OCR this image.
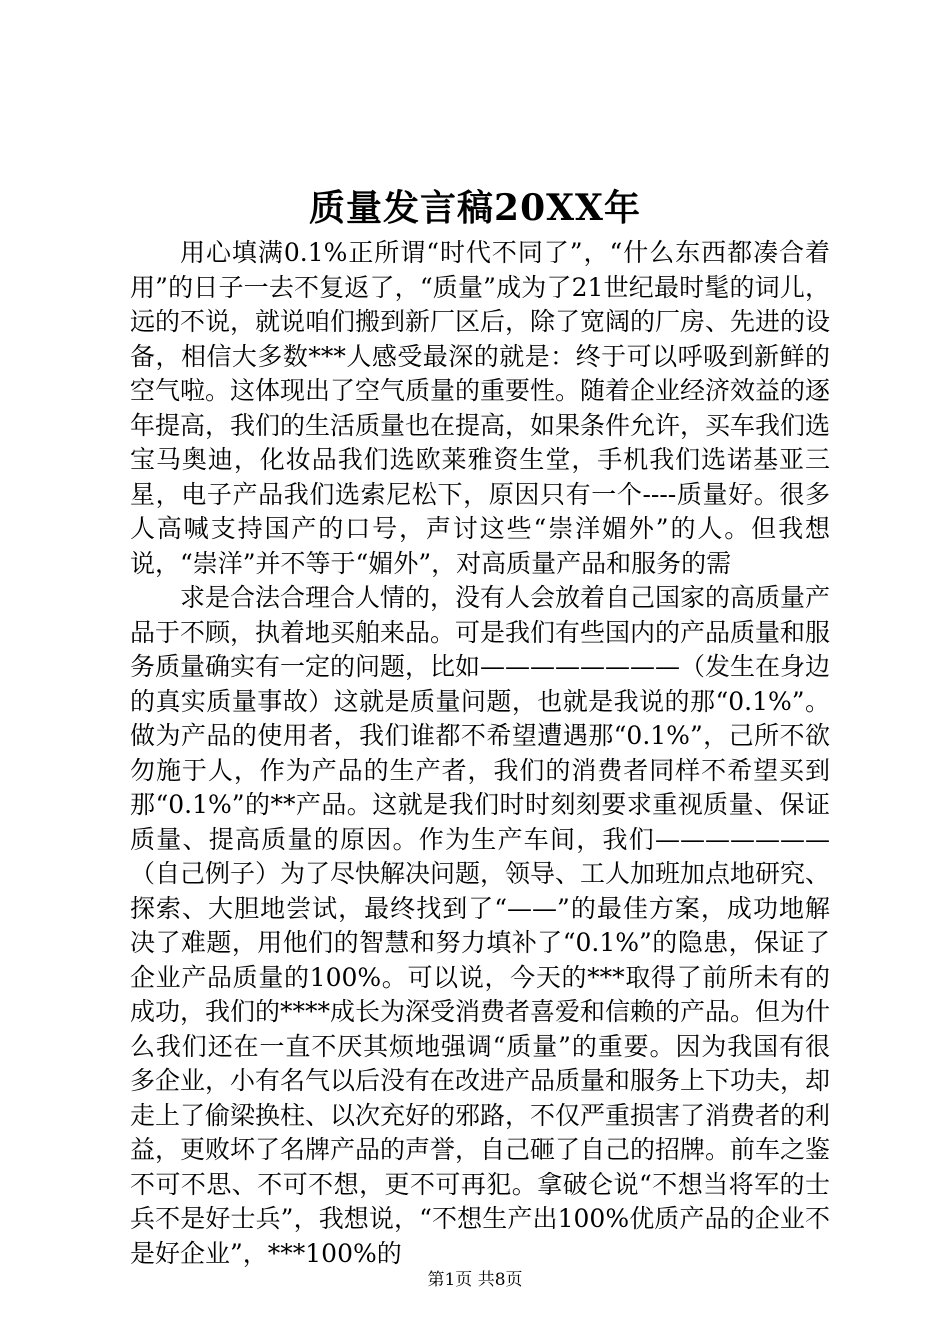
质量发言稿20XX年

用心填满0.1%正所谓“时代不同了”，“什么东西都凑合着用”的日子一去不复返了，“质量”成为了21世纪最时髦的词儿，远的不说，就说咱们搬到新厂区后，除了宽阔的厂房、先进的设备，相信大多数***人感受最深的就是：终于可以呼吸到新鲜的空气啦。这体现出了空气质量的重要性。随着企业经济效益的逐年提高，我们的生活质量也在提高，如果条件允许，买车我们选宝马奥迪，化妆品我们选欧莱雅资生堂，手机我们选诺基亚三星，电子产品我们选索尼松下，原因只有一个----质量好。很多人高喊支持国产的口号，声讨这些“崇洋媚外”的人。但我想说，“崇洋”并不等于“媚外”，对高质量产品和服务的需

求是合法合理合人情的，没有人会放着自己国家的高质量产品于不顾，执着地买舶来品。可是我们有些国内的产品质量和服务质量确实有一定的问题，比如————————（发生在身边的真实质量事故）这就是质量问题，也就是我说的那“0.1%”。做为产品的使用者，我们谁都不希望遭遇那“0.1%”，己所不欲勿施于人，作为产品的生产者，我们的消费者同样不希望买到那“0.1%”的**产品。这就是我们时时刻刻要求重视质量、保证质量、提高质量的原因。作为生产车间，我们———————（自己例子）为了尽快解决问题，领导、工人加班加点地研究、探索、大胆地尝试，最终找到了“——”的最佳方案，成功地解决了难题，用他们的智慧和努力填补了“0.1%”的隐患，保证了企业产品质量的100%。可以说，今天的***取得了前所未有的成功，我们的****成长为深受消费者喜爱和信赖的产品。但为什么我们还在一直不厌其烦地强调“质量”的重要。因为我国有很多企业，小有名气以后没有在改进产品质量和服务上下功夫，却走上了偷梁换柱、以次充好的邪路，不仅严重损害了消费者的利益，更败坏了名牌产品的声誉，自己砸了自己的招牌。前车之鉴不可不思、不可不想，更不可再犯。拿破仑说“不想当将军的士兵不是好士兵”，我想说，“不想生产出100%优质产品的企业不是好企业”，***100%的

第1页 共8页
